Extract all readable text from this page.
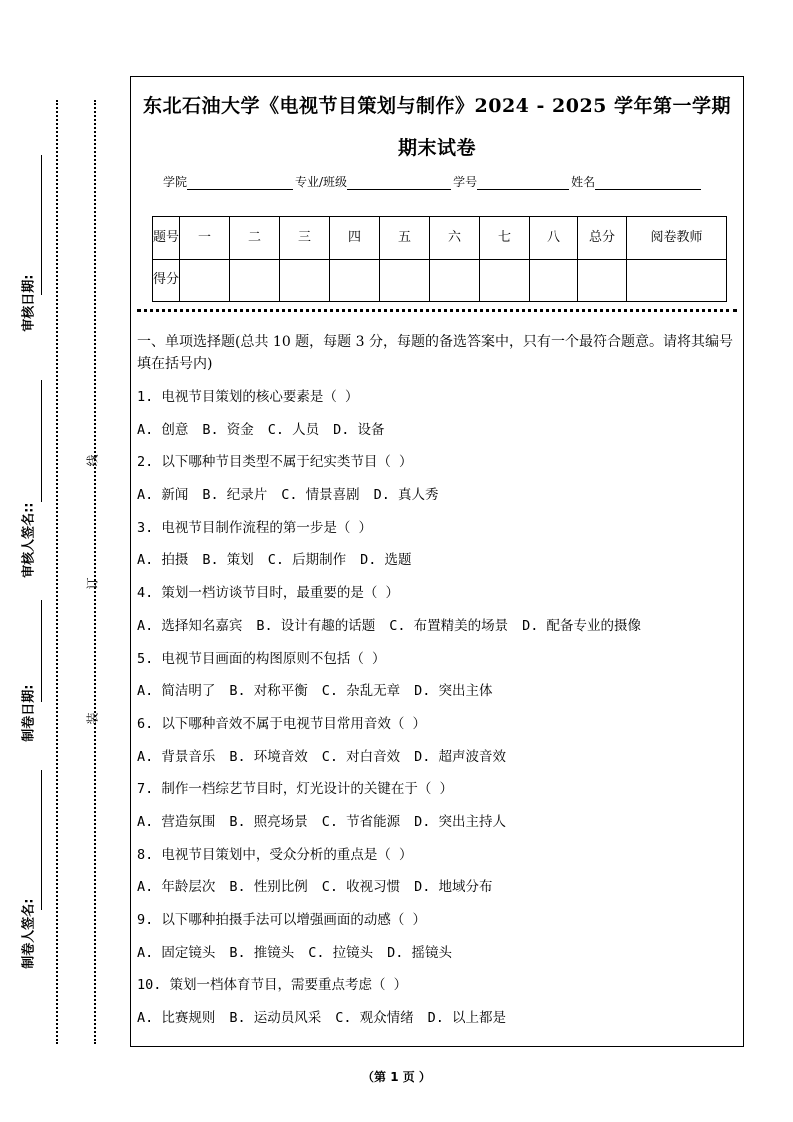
线
订
装
审核日期:
审核人签名::
制卷日期:
制卷人签名:
东北石油大学《电视节目策划与制作》2024 - 2025 学年第一学期
期末试卷
学院	专业/班级	学号	姓名
题号	一	二	三	四	五	六	七	八	总分	阅卷教师
得分										
一、单项选择题(总共 10 题，每题 3 分，每题的备选答案中，只有一个最符合题意。请将其编号填在括号内)
1. 电视节目策划的核心要素是（ ）
A. 创意 B. 资金 C. 人员 D. 设备
2. 以下哪种节目类型不属于纪实类节目（ ）
A. 新闻 B. 纪录片 C. 情景喜剧 D. 真人秀
3. 电视节目制作流程的第一步是（ ）
A. 拍摄 B. 策划 C. 后期制作 D. 选题
4. 策划一档访谈节目时，最重要的是（ ）
A. 选择知名嘉宾 B. 设计有趣的话题 C. 布置精美的场景 D. 配备专业的摄像
5. 电视节目画面的构图原则不包括（ ）
A. 简洁明了 B. 对称平衡 C. 杂乱无章 D. 突出主体
6. 以下哪种音效不属于电视节目常用音效（ ）
A. 背景音乐 B. 环境音效 C. 对白音效 D. 超声波音效
7. 制作一档综艺节目时，灯光设计的关键在于（ ）
A. 营造氛围 B. 照亮场景 C. 节省能源 D. 突出主持人
8. 电视节目策划中，受众分析的重点是（ ）
A. 年龄层次 B. 性别比例 C. 收视习惯 D. 地域分布
9. 以下哪种拍摄手法可以增强画面的动感（ ）
A. 固定镜头 B. 推镜头 C. 拉镜头 D. 摇镜头
10. 策划一档体育节目，需要重点考虑（ ）
A. 比赛规则 B. 运动员风采 C. 观众情绪 D. 以上都是
（第 1 页 ）
